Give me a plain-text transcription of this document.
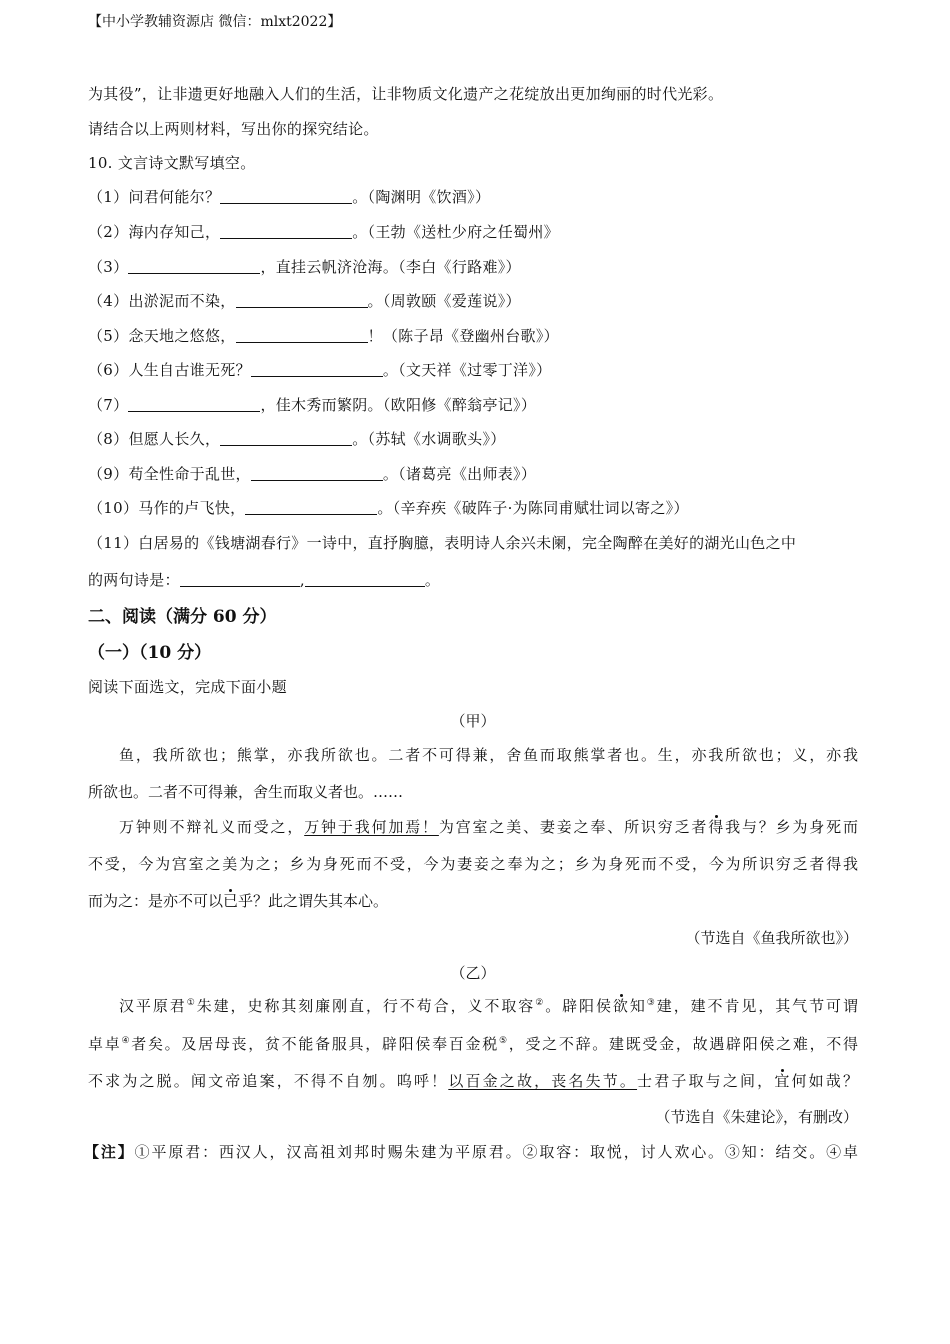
【中小学教辅资源店 微信：mlxt2022】
为其役”，让非遗更好地融入人们的生活，让非物质文化遗产之花绽放出更加绚丽的时代光彩。
请结合以上两则材料，写出你的探究结论。
10. 文言诗文默写填空。
（1）问君何能尔？	。（陶渊明《饮酒》）
（2）海内存知己，	。（王勃《送杜少府之任蜀州》
（3）	，直挂云帆济沧海。（李白《行路难》）
（4）出淤泥而不染，	。（周敦颐《爱莲说》）
（5）念天地之悠悠，	！（陈子昂《登幽州台歌》）
（6）人生自古谁无死？	。（文天祥《过零丁洋》）
（7）	，佳木秀而繁阴。（欧阳修《醉翁亭记》）
（8）但愿人长久，	。（苏轼《水调歌头》）
（9）苟全性命于乱世，	。（诸葛亮《出师表》）
（10）马作的卢飞快，	。（辛弃疾《破阵子·为陈同甫赋壮词以寄之》）
（11）白居易的《钱塘湖春行》一诗中，直抒胸臆，表明诗人余兴未阑，完全陶醉在美好的湖光山色之中
的两句诗是：	,	。
二、阅读（满分 60 分）
（一）（10 分）
阅读下面选文，完成下面小题
（甲）
鱼，我所欲也；熊掌，亦我所欲也。二者不可得兼，舍鱼而取熊掌者也。生，亦我所欲也；义，亦我
所欲也。二者不可得兼，舍生而取义者也。……
万钟则不辩礼义而受之，万钟于我何加焉！为宫室之美、妻妾之奉、所识穷乏者得我与？乡为身死而
不受，今为宫室之美为之；乡为身死而不受，今为妻妾之奉为之；乡为身死而不受，今为所识穷乏者得我
而为之：是亦不可以已乎？此之谓失其本心。
（节选自《鱼我所欲也》）
（乙）
汉平原君①朱建，史称其刻廉刚直，行不苟合，义不取容②。辟阳侯欲知③建，建不肯见，其气节可谓
卓卓④者矣。及居母丧，贫不能备服具，辟阳侯奉百金税⑤，受之不辞。建既受金，故遇辟阳侯之难，不得
不求为之脱。闻文帝追案，不得不自刎。呜呼！以百金之故，丧名失节。士君子取与之间，宜何如哉？
（节选自《朱建论》，有删改）
【注】①平原君：西汉人，汉高祖刘邦时赐朱建为平原君。②取容：取悦，讨人欢心。③知：结交。④卓
